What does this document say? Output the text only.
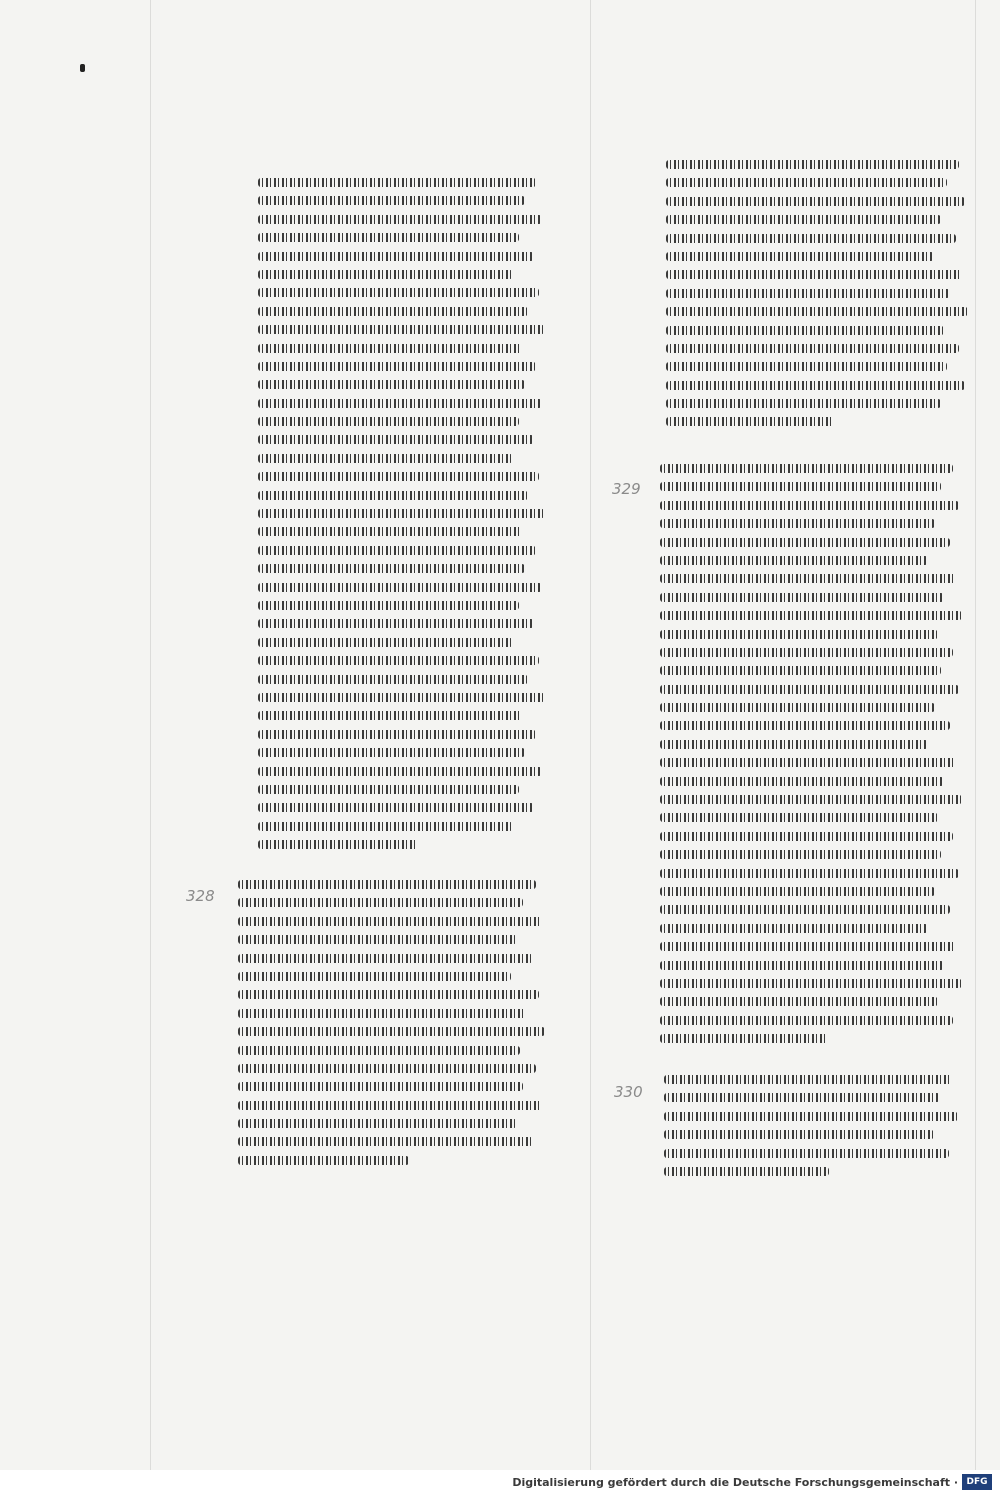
328
329
330
Digitalisierung gefördert durch die Deutsche Forschungsgemeinschaft · DFG
